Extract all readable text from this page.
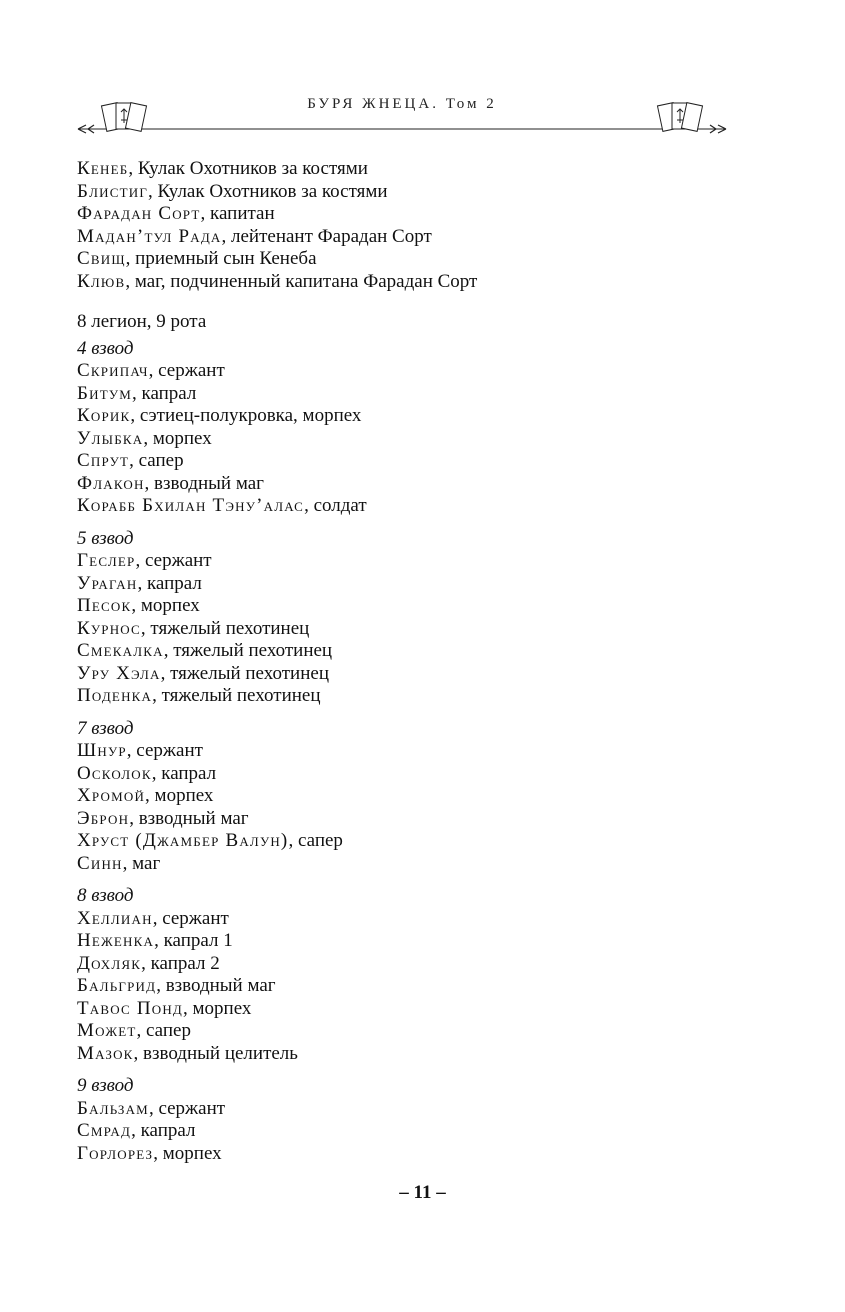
БУРЯ ЖНЕЦА. Том 2
Кенеб, Кулак Охотников за костями
Блистиг, Кулак Охотников за костями
Фарадан Сорт, капитан
Мадан’тул Рада, лейтенант Фарадан Сорт
Свищ, приемный сын Кенеба
Клюв, маг, подчиненный капитана Фарадан Сорт
8 легион, 9 рота
4 взвод
Скрипач, сержант
Битум, капрал
Корик, сэтиец-полукровка, морпех
Улыбка, морпех
Спрут, сапер
Флакон, взводный маг
Корабб Бхилан Тэну’алас, солдат
5 взвод
Геслер, сержант
Ураган, капрал
Песок, морпех
Курнос, тяжелый пехотинец
Смекалка, тяжелый пехотинец
Уру Хэла, тяжелый пехотинец
Поденка, тяжелый пехотинец
7 взвод
Шнур, сержант
Осколок, капрал
Хромой, морпех
Эброн, взводный маг
Хруст (Джамбер Валун), сапер
Синн, маг
8 взвод
Хеллиан, сержант
Неженка, капрал 1
Дохляк, капрал 2
Бальгрид, взводный маг
Тавос Понд, морпех
Может, сапер
Мазок, взводный целитель
9 взвод
Бальзам, сержант
Смрад, капрал
Горлорез, морпех
– 11 –
